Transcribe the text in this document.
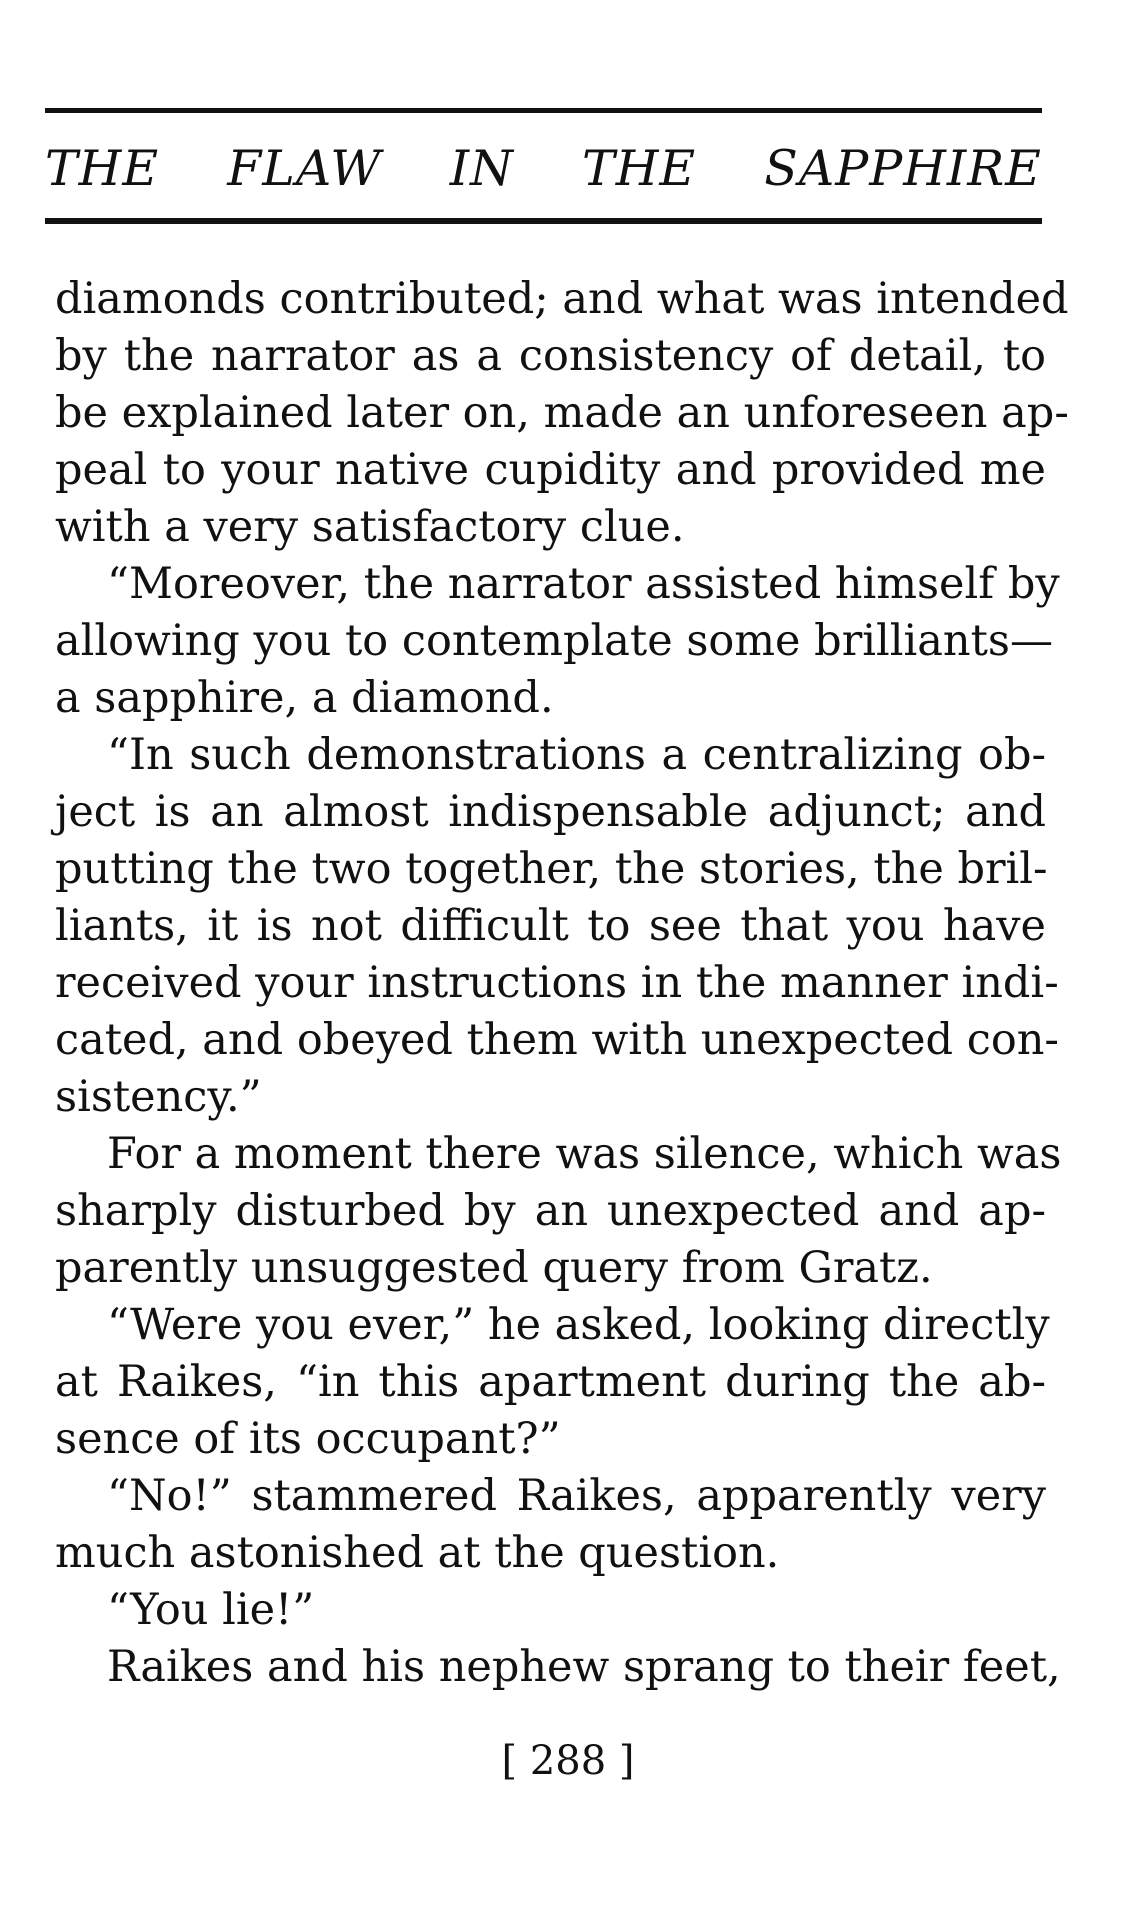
THE FLAW IN THE SAPPHIRE
diamonds contributed; and what was intended
by the narrator as a consistency of detail, to
be explained later on, made an unforeseen ap-
peal to your native cupidity and provided me
with a very satisfactory clue.
“Moreover, the narrator assisted himself by
allowing you to contemplate some brilliants—
a sapphire, a diamond.
“In such demonstrations a centralizing ob-
ject is an almost indispensable adjunct; and
putting the two together, the stories, the bril-
liants, it is not difficult to see that you have
received your instructions in the manner indi-
cated, and obeyed them with unexpected con-
sistency.”
For a moment there was silence, which was
sharply disturbed by an unexpected and ap-
parently unsuggested query from Gratz.
“Were you ever,” he asked, looking directly
at Raikes, “in this apartment during the ab-
sence of its occupant?”
“No!” stammered Raikes, apparently very
much astonished at the question.
“You lie!”
Raikes and his nephew sprang to their feet,
[ 288 ]
